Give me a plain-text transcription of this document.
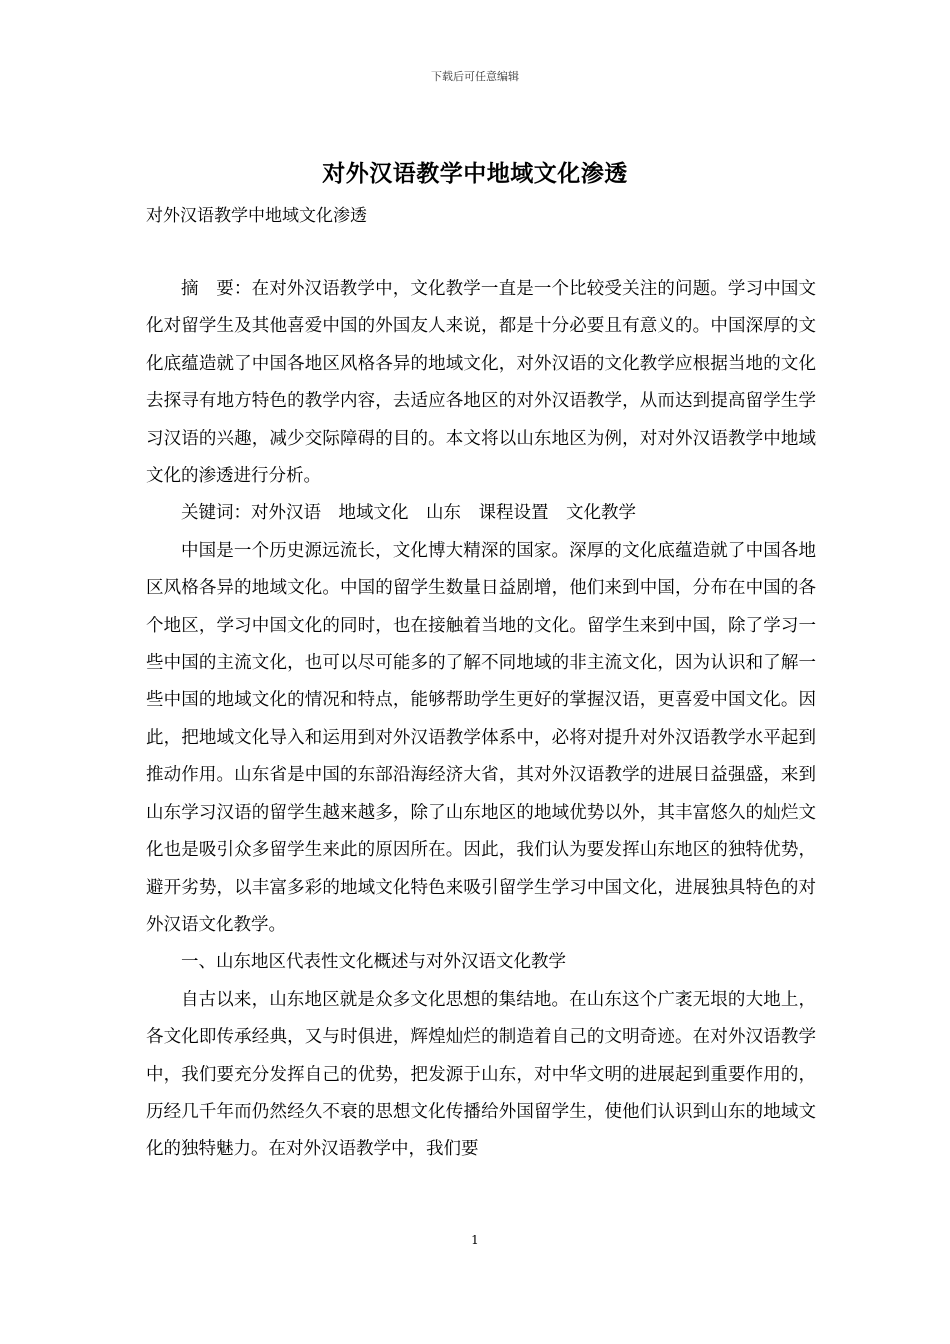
下载后可任意编辑
对外汉语教学中地域文化渗透
对外汉语教学中地域文化渗透

摘　要：在对外汉语教学中，文化教学一直是一个比较受关注的问题。学习中国文化对留学生及其他喜爱中国的外国友人来说，都是十分必要且有意义的。中国深厚的文化底蕴造就了中国各地区风格各异的地域文化，对外汉语的文化教学应根据当地的文化去探寻有地方特色的教学内容，去适应各地区的对外汉语教学，从而达到提高留学生学习汉语的兴趣，减少交际障碍的目的。本文将以山东地区为例，对对外汉语教学中地域文化的渗透进行分析。

关键词：对外汉语　地域文化　山东　课程设置　文化教学

中国是一个历史源远流长，文化博大精深的国家。深厚的文化底蕴造就了中国各地区风格各异的地域文化。中国的留学生数量日益剧增，他们来到中国，分布在中国的各个地区，学习中国文化的同时，也在接触着当地的文化。留学生来到中国，除了学习一些中国的主流文化，也可以尽可能多的了解不同地域的非主流文化，因为认识和了解一些中国的地域文化的情况和特点，能够帮助学生更好的掌握汉语，更喜爱中国文化。因此，把地域文化导入和运用到对外汉语教学体系中，必将对提升对外汉语教学水平起到推动作用。山东省是中国的东部沿海经济大省，其对外汉语教学的进展日益强盛，来到山东学习汉语的留学生越来越多，除了山东地区的地域优势以外，其丰富悠久的灿烂文化也是吸引众多留学生来此的原因所在。因此，我们认为要发挥山东地区的独特优势，避开劣势，以丰富多彩的地域文化特色来吸引留学生学习中国文化，进展独具特色的对外汉语文化教学。

一、山东地区代表性文化概述与对外汉语文化教学

自古以来，山东地区就是众多文化思想的集结地。在山东这个广袤无垠的大地上，各文化即传承经典，又与时俱进，辉煌灿烂的制造着自己的文明奇迹。在对外汉语教学中，我们要充分发挥自己的优势，把发源于山东，对中华文明的进展起到重要作用的，历经几千年而仍然经久不衰的思想文化传播给外国留学生，使他们认识到山东的地域文化的独特魅力。在对外汉语教学中，我们要

1
